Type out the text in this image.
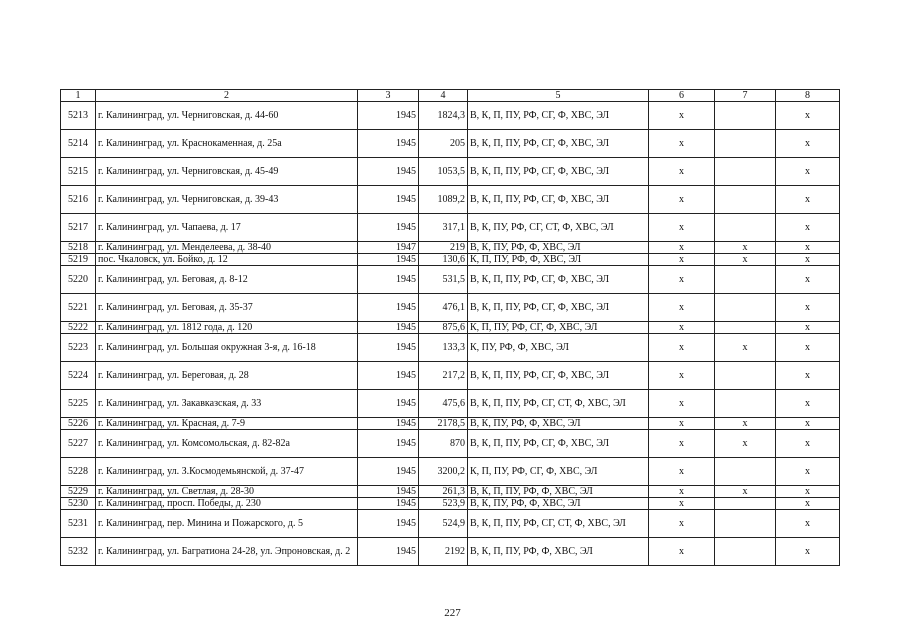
1	2	3	4	5	6	7	8
5213	г. Калининград, ул. Черниговская, д. 44-60	1945	1824,3	В, К, П, ПУ, РФ, СГ, Ф, ХВС, ЭЛ	х		х
5214	г. Калининград, ул. Краснокаменная, д. 25а	1945	205	В, К, П, ПУ, РФ, СГ, Ф, ХВС, ЭЛ	х		х
5215	г. Калининград, ул. Черниговская, д. 45-49	1945	1053,5	В, К, П, ПУ, РФ, СГ, Ф, ХВС, ЭЛ	х		х
5216	г. Калининград, ул. Черниговская, д. 39-43	1945	1089,2	В, К, П, ПУ, РФ, СГ, Ф, ХВС, ЭЛ	х		х
5217	г. Калининград, ул. Чапаева, д. 17	1945	317,1	В, К, ПУ, РФ, СГ, СТ, Ф, ХВС, ЭЛ	х		х
5218	г. Калининград, ул. Менделеева, д. 38-40	1947	219	В, К, ПУ, РФ, Ф, ХВС, ЭЛ	х	х	х
5219	пос. Чкаловск, ул. Бойко, д. 12	1945	130,6	К, П, ПУ, РФ, Ф, ХВС, ЭЛ	х	х	х
5220	г. Калининград, ул. Беговая, д. 8-12	1945	531,5	В, К, П, ПУ, РФ, СГ, Ф, ХВС, ЭЛ	х		х
5221	г. Калининград, ул. Беговая, д. 35-37	1945	476,1	В, К, П, ПУ, РФ, СГ, Ф, ХВС, ЭЛ	х		х
5222	г. Калининград, ул. 1812 года, д. 120	1945	875,6	К, П, ПУ, РФ, СГ, Ф, ХВС, ЭЛ	х		х
5223	г. Калининград, ул. Большая окружная 3-я, д. 16-18	1945	133,3	К, ПУ, РФ, Ф, ХВС, ЭЛ	х	х	х
5224	г. Калининград, ул. Береговая, д. 28	1945	217,2	В, К, П, ПУ, РФ, СГ, Ф, ХВС, ЭЛ	х		х
5225	г. Калининград, ул. Закавказская, д. 33	1945	475,6	В, К, П, ПУ, РФ, СГ, СТ, Ф, ХВС, ЭЛ	х		х
5226	г. Калининград, ул. Красная, д. 7-9	1945	2178,5	В, К, ПУ, РФ, Ф, ХВС, ЭЛ	х	х	х
5227	г. Калининград, ул. Комсомольская, д. 82-82а	1945	870	В, К, П, ПУ, РФ, СГ, Ф, ХВС, ЭЛ	х	х	х
5228	г. Калининград, ул. З.Космодемьянской, д. 37-47	1945	3200,2	К, П, ПУ, РФ, СГ, Ф, ХВС, ЭЛ	х		х
5229	г. Калининград, ул. Светлая, д. 28-30	1945	261,3	В, К, П, ПУ, РФ, Ф, ХВС, ЭЛ	х	х	х
5230	г. Калининград, просп. Победы, д. 230	1945	523,9	В, К, ПУ, РФ, Ф, ХВС, ЭЛ	х		х
5231	г. Калининград, пер. Минина и Пожарского, д. 5	1945	524,9	В, К, П, ПУ, РФ, СГ, СТ, Ф, ХВС, ЭЛ	х		х
5232	г. Калининград, ул. Багратиона 24-28, ул. Эпроновская, д. 2	1945	2192	В, К, П, ПУ, РФ, Ф, ХВС, ЭЛ	х		х
227
